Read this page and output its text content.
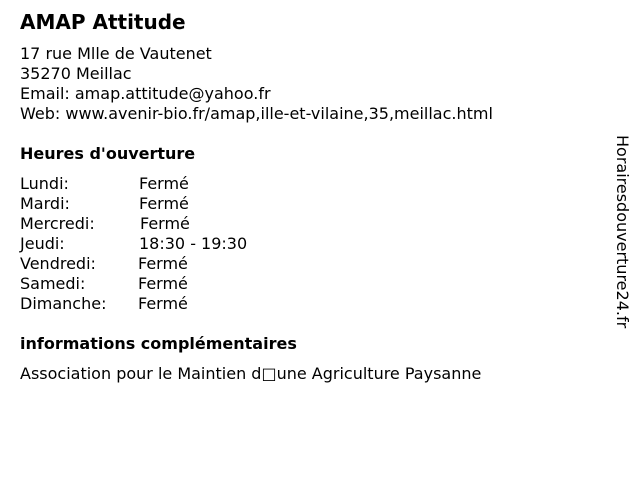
AMAP Attitude
17 rue Mlle de Vautenet
35270 Meillac
Email: amap.attitude@yahoo.fr
Web: www.avenir-bio.fr/amap,ille-et-vilaine,35,meillac.html
Heures d'ouverture
Lundi:	Fermé
Mardi:	Fermé
Mercredi:	Fermé
Jeudi:	18:30 - 19:30
Vendredi:	Fermé
Samedi:	Fermé
Dimanche: Fermé
informations complémentaires
Association pour le Maintien d□une Agriculture Paysanne
Horairesdouverture24.fr
